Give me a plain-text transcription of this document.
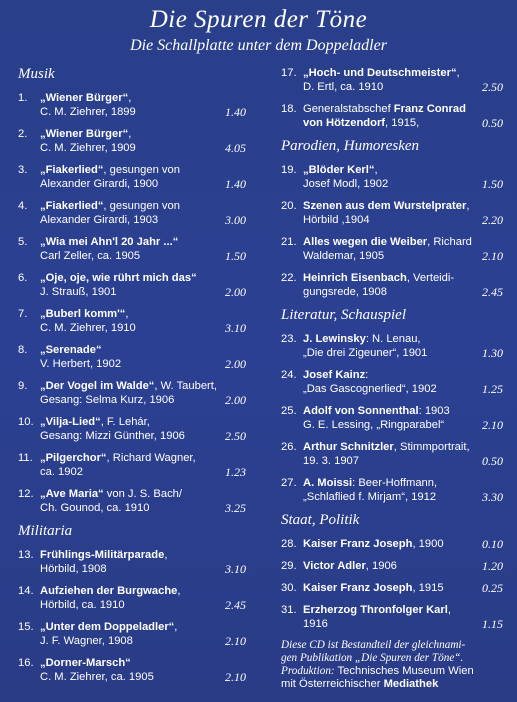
Die Spuren der Töne
Die Schallplatte unter dem Doppeladler
Musik
1. „Wiener Bürger“,
C. M. Ziehrer, 1899	1.40
2. „Wiener Bürger“,
C. M. Ziehrer, 1909	4.05
3. „Fiakerlied“, gesungen von
Alexander Girardi, 1900	1.40
4. „Fiakerlied“, gesungen von
Alexander Girardi, 1903	3.00
5. „Wia mei Ahn'l 20 Jahr ...“
Carl Zeller, ca. 1905	1.50
6. „Oje, oje, wie rührt mich das“
J. Strauß, 1901	2.00
7. „Buberl komm'“,
C. M. Ziehrer, 1910	3.10
8. „Serenade“
V. Herbert, 1902	2.00
9. „Der Vogel im Walde“, W. Taubert,
Gesang: Selma Kurz, 1906	2.00
10. „Vilja-Lied“, F. Lehár,
Gesang: Mizzi Günther, 1906	2.50
11. „Pilgerchor“, Richard Wagner,
ca. 1902	1.23
12. „Ave Maria“ von J. S. Bach/
Ch. Gounod, ca. 1910	3.25
Militaria
13. Frühlings-Militärparade,
Hörbild, 1908	3.10
14. Aufziehen der Burgwache,
Hörbild, ca. 1910	2.45
15. „Unter dem Doppeladler“,
J. F. Wagner, 1908	2.10
16. „Dorner-Marsch“
C. M. Ziehrer, ca. 1905	2.10
17. „Hoch- und Deutschmeister“,
D. Ertl, ca. 1910	2.50
18. Generalstabschef Franz Conrad
von Hötzendorf, 1915,	0.50
Parodien, Humoresken
19. „Blöder Kerl“,
Josef Modl, 1902	1.50
20. Szenen aus dem Wurstelprater,
Hörbild ,1904	2.20
21. Alles wegen die Weiber, Richard
Waldemar, 1905	2.10
22. Heinrich Eisenbach, Verteidi-
gungsrede, 1908	2.45
Literatur, Schauspiel
23. J. Lewinsky: N. Lenau,
„Die drei Zigeuner“, 1901	1.30
24. Josef Kainz:
„Das Gascognerlied“, 1902	1.25
25. Adolf von Sonnenthal: 1903
G. E. Lessing, „Ringparabel“	2.10
26. Arthur Schnitzler, Stimmportrait,
19. 3. 1907	0.50
27. A. Moissi: Beer-Hoffmann,
„Schlaflied f. Mirjam“, 1912	3.30
Staat, Politik
28. Kaiser Franz Joseph, 1900	0.10
29. Victor Adler, 1906	1.20
30. Kaiser Franz Joseph, 1915	0.25
31. Erzherzog Thronfolger Karl,
1916	1.15
Diese CD ist Bestandteil der gleichnami-
gen Publikation „Die Spuren der Töne“.
Produktion: Technisches Museum Wien
mit Österreichischer Mediathek
